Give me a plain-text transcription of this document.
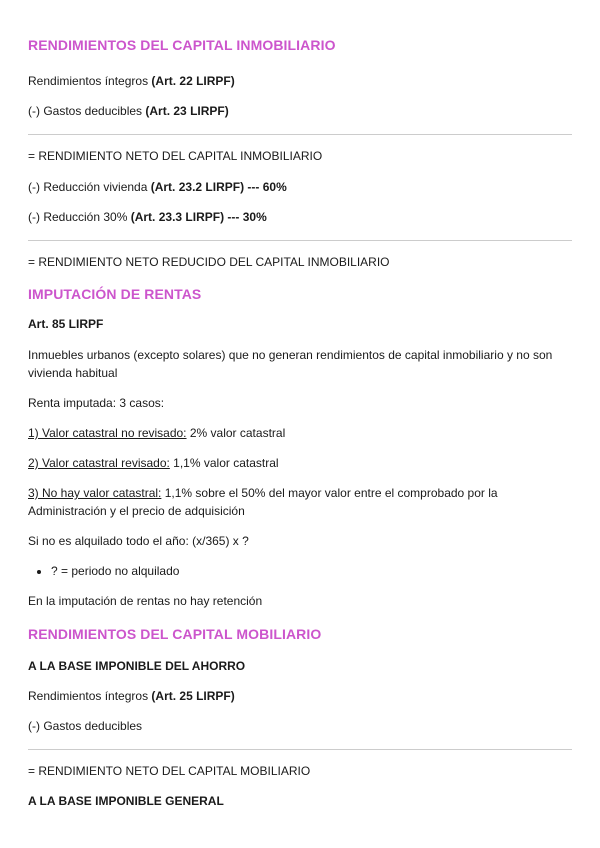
RENDIMIENTOS DEL CAPITAL INMOBILIARIO

Rendimientos íntegros (Art. 22 LIRPF)

(-) Gastos deducibles (Art. 23 LIRPF)

= RENDIMIENTO NETO DEL CAPITAL INMOBILIARIO

(-) Reducción vivienda (Art. 23.2 LIRPF) --- 60%

(-) Reducción 30% (Art. 23.3 LIRPF) --- 30%

= RENDIMIENTO NETO REDUCIDO DEL CAPITAL INMOBILIARIO

IMPUTACIÓN DE RENTAS

Art. 85 LIRPF

Inmuebles urbanos (excepto solares) que no generan rendimientos de capital inmobiliario y no son vivienda habitual

Renta imputada: 3 casos:

1) Valor catastral no revisado: 2% valor catastral

2) Valor catastral revisado: 1,1% valor catastral

3) No hay valor catastral: 1,1% sobre el 50% del mayor valor entre el comprobado por la Administración y el precio de adquisición

Si no es alquilado todo el año: (x/365) x ?

• ? = periodo no alquilado

En la imputación de rentas no hay retención

RENDIMIENTOS DEL CAPITAL MOBILIARIO

A LA BASE IMPONIBLE DEL AHORRO

Rendimientos íntegros (Art. 25 LIRPF)

(-) Gastos deducibles

= RENDIMIENTO NETO DEL CAPITAL MOBILIARIO

A LA BASE IMPONIBLE GENERAL
